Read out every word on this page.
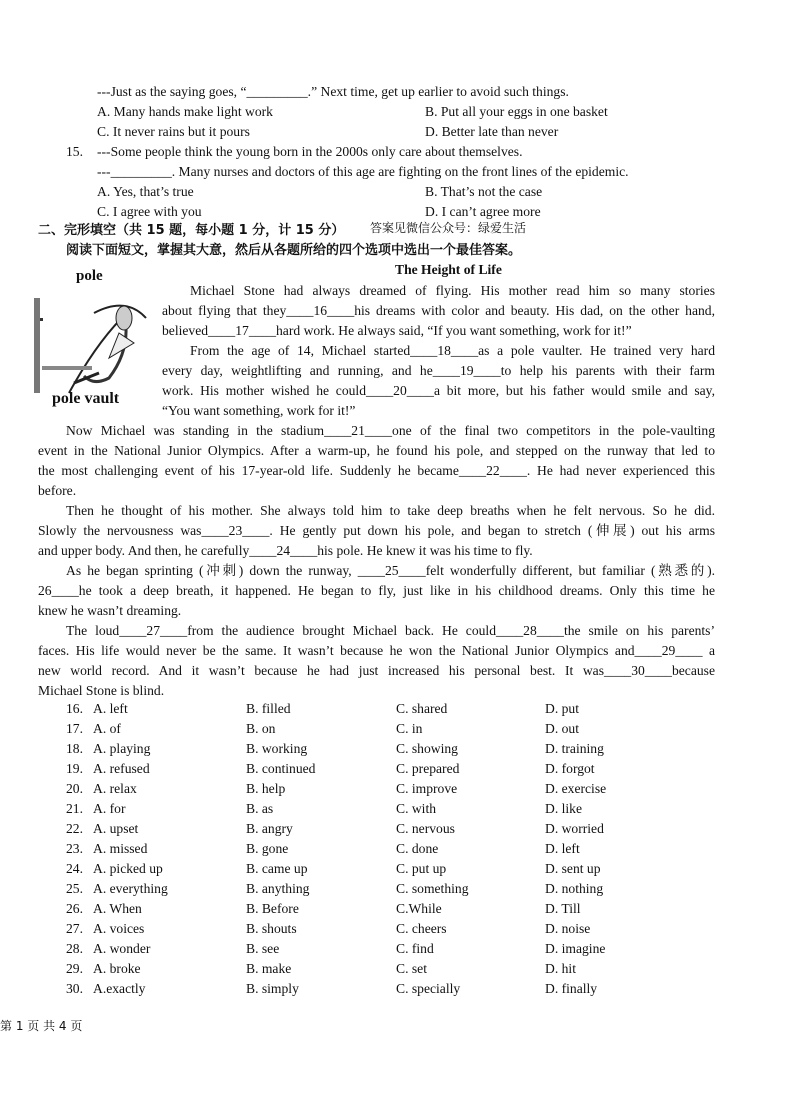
---Just as the saying goes, “_________.” Next time, get up earlier to avoid such things.
A. Many hands make light work	B. Put all your eggs in one basket
C. It never rains but it pours	D. Better late than never
15. ---Some people think the young born in the 2000s only care about themselves.
---_________. Many nurses and doctors of this age are fighting on the front lines of the epidemic.
A. Yes, that’s true	B. That’s not the case
C. I agree with you	D. I can’t agree more
二、完形填空（共 15 题，每小题 1 分，计 15 分） 答案见微信公众号：绿爱生活
阅读下面短文，掌握其大意，然后从各题所给的四个选项中选出一个最佳答案。
pole
pole vault
The Height of Life
Michael Stone had always dreamed of flying. His mother read him so many stories
about flying that they____16____his dreams with color and beauty. His dad, on the other hand,
believed____17____hard work. He always said, “If you want something, work for it!”
From the age of 14, Michael started____18____as a pole vaulter. He trained very hard
every day, weightlifting and running, and he____19____to help his parents with their farm
work. His mother wished he could____20____a bit more, but his father would smile and say,
“You want something, work for it!”
Now Michael was standing in the stadium____21____one of the final two competitors in the pole-vaulting
event in the National Junior Olympics. After a warm-up, he found his pole, and stepped on the runway that led to
the most challenging event of his 17-year-old life. Suddenly he became____22____. He had never experienced this
before.
Then he thought of his mother. She always told him to take deep breaths when he felt nervous. So he did.
Slowly the nervousness was____23____. He gently put down his pole, and began to stretch (伸展) out his arms
and upper body. And then, he carefully____24____his pole. He knew it was his time to fly.
As he began sprinting (冲刺) down the runway, ____25____felt wonderfully different, but familiar (熟悉的).
26____he took a deep breath, it happened. He began to fly, just like in his childhood dreams. Only this time he
knew he wasn’t dreaming.
The loud____27____from the audience brought Michael back. He could____28____the smile on his parents’
faces. His life would never be the same. It wasn’t because he won the National Junior Olympics and____29____ a
new world record. And it wasn’t because he had just increased his personal best. It was____30____because
Michael Stone is blind.
16. A. left	B. filled	C. shared	D. put
17. A. of	B. on	C. in	D. out
18. A. playing	B. working	C. showing	D. training
19. A. refused	B. continued	C. prepared	D. forgot
20. A. relax	B. help	C. improve	D. exercise
21. A. for	B. as	C. with	D. like
22. A. upset	B. angry	C. nervous	D. worried
23. A. missed	B. gone	C. done	D. left
24. A. picked up	B. came up	C. put up	D. sent up
25. A. everything	B. anything	C. something	D. nothing
26. A. When	B. Before	C.While	D. Till
27. A. voices	B. shouts	C. cheers	D. noise
28. A. wonder	B. see	C. find	D. imagine
29. A. broke	B. make	C. set	D. hit
30. A.exactly	B. simply	C. specially	D. finally
第 1 页 共 4 页
